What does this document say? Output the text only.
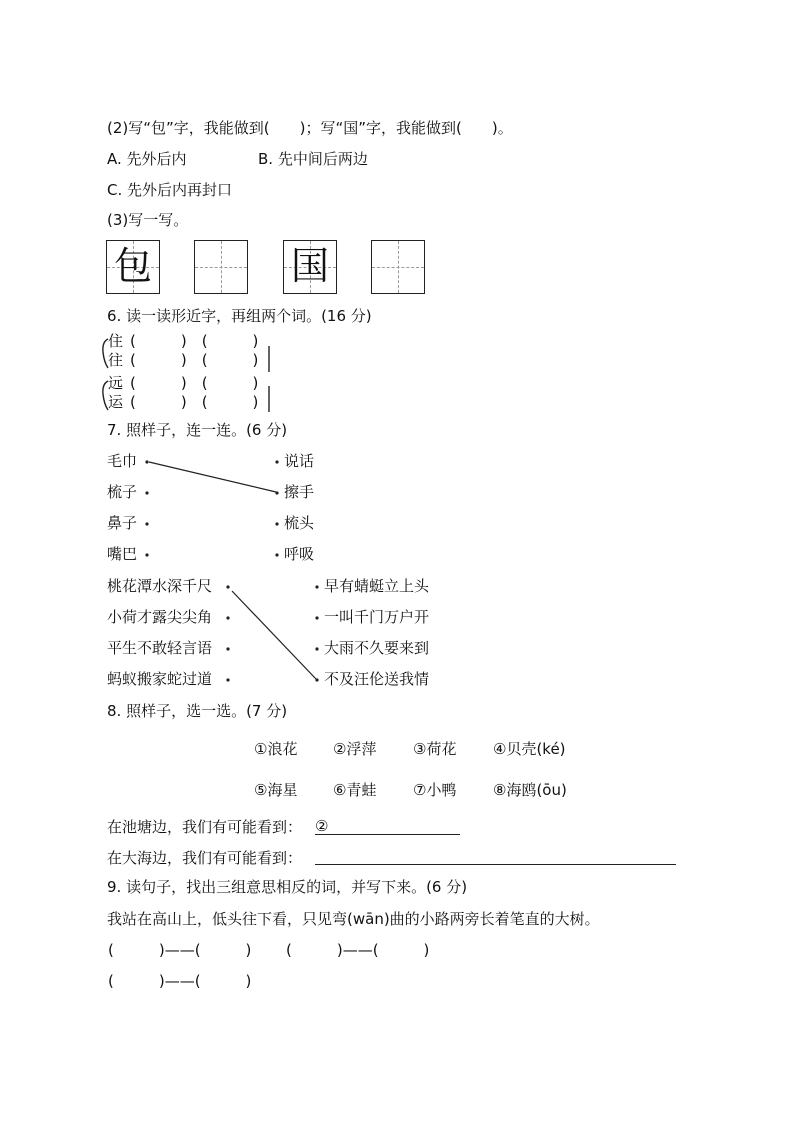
(2)写“包”字，我能做到(　　)；写“国”字，我能做到(　　)。
A. 先外后内	B. 先中间后两边
C. 先外后内再封口
(3)写一写。
包	国
6. 读一读形近字，再组两个词。(16 分)
住 (　　　)　(　　　)
往 (　　　)　(　　　)
远 (　　　)　(　　　)
运 (　　　)　(　　　)
7. 照样子，连一连。(6 分)
毛巾
梳子
鼻子
嘴巴
说话
擦手
梳头
呼吸
桃花潭水深千尺
小荷才露尖尖角
平生不敢轻言语
蚂蚁搬家蛇过道
早有蜻蜓立上头
一叫千门万户开
大雨不久要来到
不及汪伦送我情
8. 照样子，选一选。(7 分)
①浪花 ②浮萍 ③荷花 ④贝壳(ké)
⑤海星 ⑥青蛙 ⑦小鸭 ⑧海鸥(ōu)
在池塘边，我们有可能看到： ②
在大海边，我们有可能看到：
9. 读句子，找出三组意思相反的词，并写下来。(6 分)
我站在高山上，低头往下看，只见弯(wān)曲的小路两旁长着笔直的大树。
(　　　)——(　　　) (　　　)——(　　　)
(　　　)——(　　　)
